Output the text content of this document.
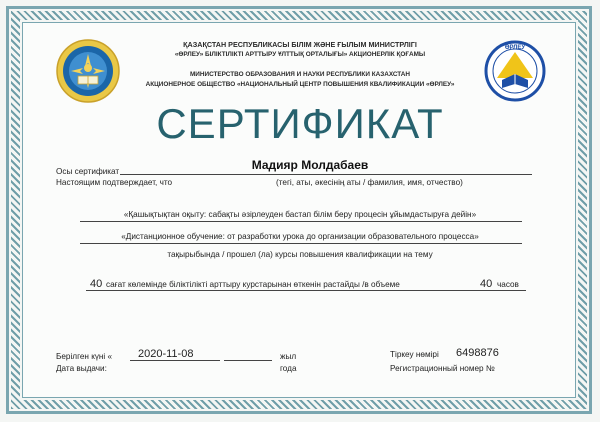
ӨРЛЕУ
ҚАЗАҚСТАН РЕСПУБЛИКАСЫ БІЛІМ ЖӘНЕ ҒЫЛЫМ МИНИСТРЛІГІ
«ӨРЛЕУ» БІЛІКТІЛІКТІ АРТТЫРУ ҰЛТТЫҚ ОРТАЛЫҒЫ» АКЦИОНЕРЛІК ҚОҒАМЫ
МИНИСТЕРСТВО ОБРАЗОВАНИЯ И НАУКИ РЕСПУБЛИКИ КАЗАХСТАН
АКЦИОНЕРНОЕ ОБЩЕСТВО «НАЦИОНАЛЬНЫЙ ЦЕНТР ПОВЫШЕНИЯ КВАЛИФИКАЦИИ «ӨРЛЕУ»
СЕРТИФИКАТ
Осы сертификат	Мадияр Молдабаев
Настоящим подтверждает, что	(тегі, аты, әкесінің аты / фамилия, имя, отчество)
«Қашықтықтан оқыту: сабақты әзірлеуден бастап білім беру процесін ұйымдастыруға дейін»
«Дистанционное обучение: от разработки урока до организации образовательного процесса»
тақырыбында / прошел (ла) курсы повышения квалификации на тему
40 сағат көлемінде біліктілікті арттыру курстарынан өткенін растайды /в объеме	40 часов
Берілген күні «
Дата выдачи:
2020-11-08	жыл
года
Тіркеу нөмірі 6498876
Регистрационный номер №
